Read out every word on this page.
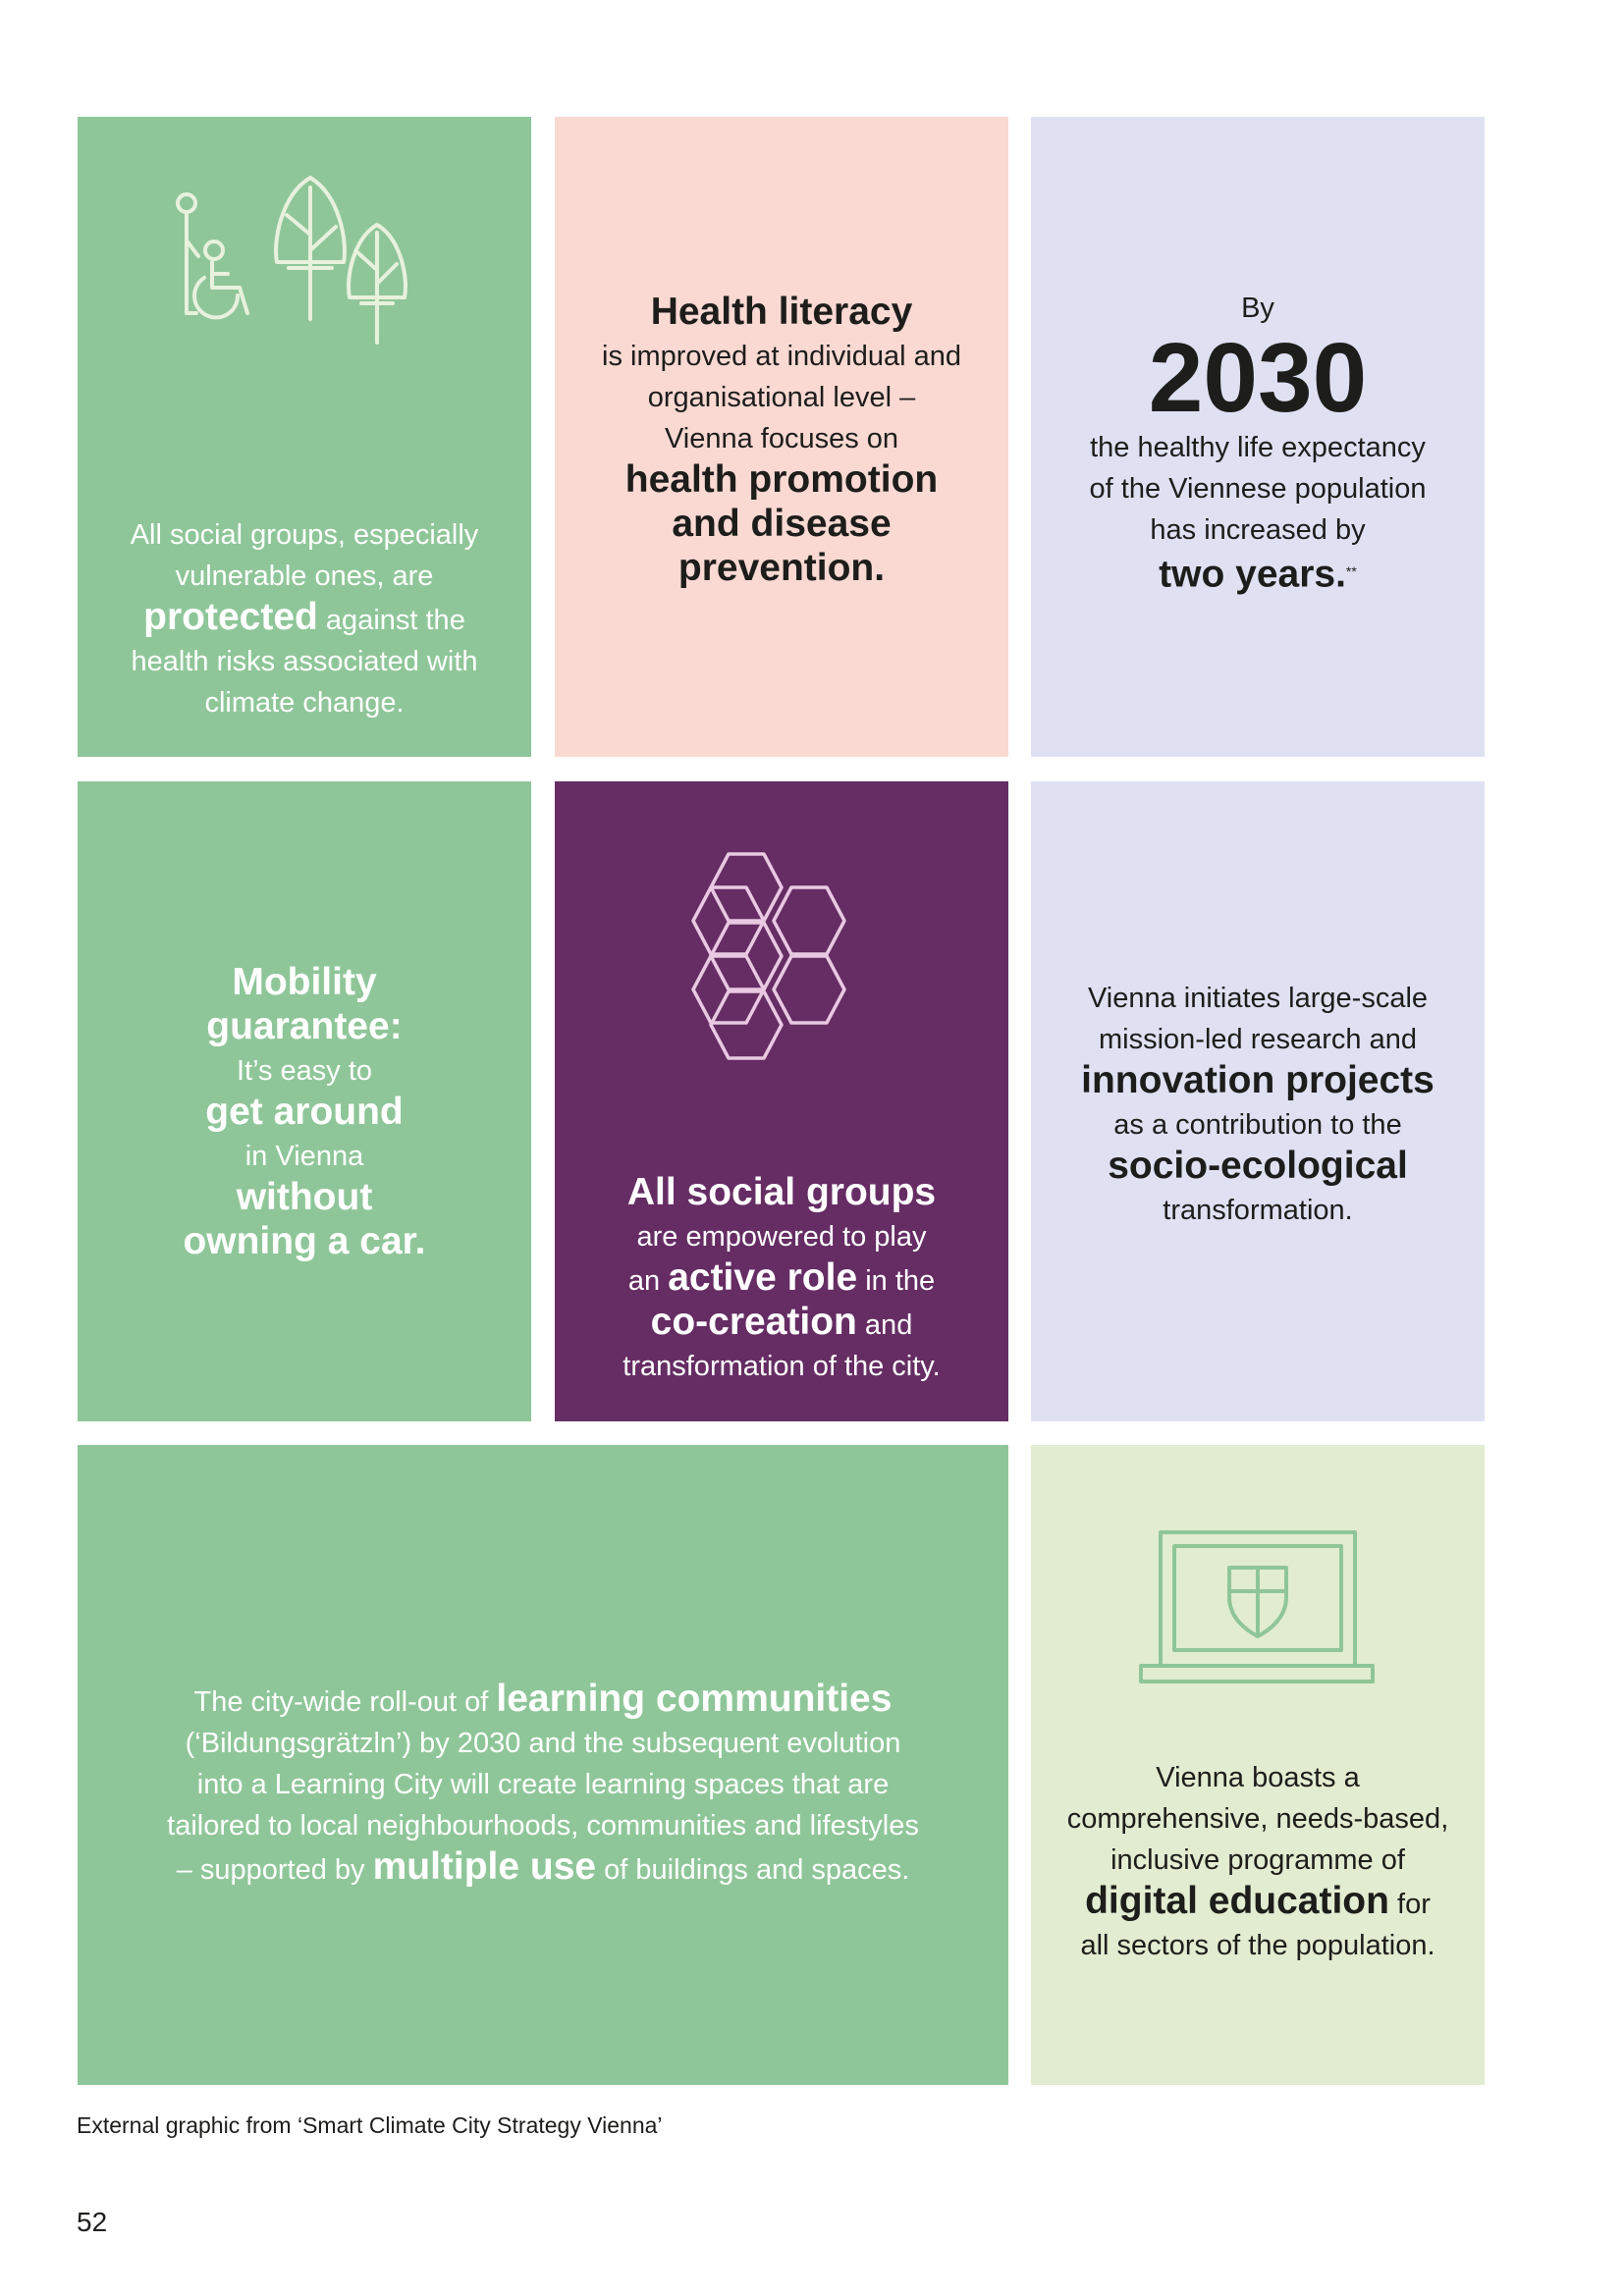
All social groups, especially
vulnerable ones, are
protected against the
health risks associated with
climate change.
Health literacy
is improved at individual and
organisational level –
Vienna focuses on
health promotion
and disease
prevention.
By

2030
the healthy life expectancy
of the Viennese population
has increased by
two years.**
Mobility
guarantee:
It’s easy to
get around
in Vienna
without
owning a car.
All social groups
are empowered to play
an active role in the
co-creation and
transformation of the city.
Vienna initiates large-scale
mission-led research and
innovation projects
as a contribution to the
socio-ecological
transformation.
The city-wide roll-out of learning communities
(‘Bildungsgrätzln’) by 2030 and the subsequent evolution
into a Learning City will create learning spaces that are
tailored to local neighbourhoods, communities and lifestyles
– supported by multiple use of buildings and spaces.
Vienna boasts a
comprehensive, needs-based,
inclusive programme of
digital education for
all sectors of the population.
External graphic from ‘Smart Climate City Strategy Vienna’
52
